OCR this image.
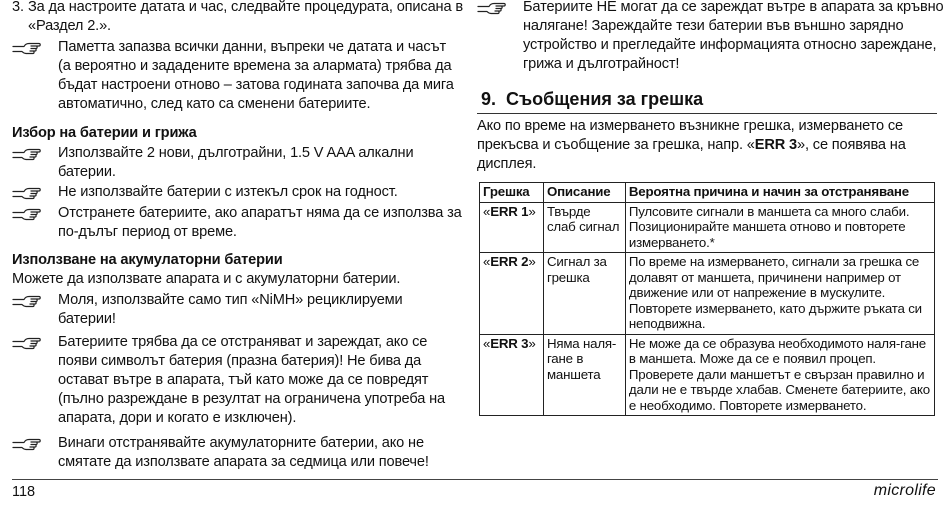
3. За да настроите датата и час, следвайте процедурата, описана в «Раздел 2.».
Паметта запазва всички данни, въпреки че датата и часът (а вероятно и зададените времена за алармата) трябва да бъдат настроени отново – затова годината започва да мига автоматично, след като са сменени батериите.
Избор на батерии и грижа
Използвайте 2 нови, дълготрайни, 1.5 V AAA алкални батерии.
Не използвайте батерии с изтекъл срок на годност.
Отстранете батериите, ако апаратът няма да се използва за по-дълъг период от време.
Използване на акумулаторни батерии
Можете да използвате апарата и с акумулаторни батерии.
Моля, използвайте само тип «NiMH» рециклируеми батерии!
Батериите трябва да се отстраняват и зареждат, ако се появи символът батерия (празна батерия)! Не бива да остават вътре в апарата, тъй като може да се повредят (пълно разреждане в резултат на ограничена употреба на апарата, дори и когато е изключен).
Винаги отстранявайте акумулаторните батерии, ако не смятате да използвате апарата за седмица или повече!
Батериите НЕ могат да се зареждат вътре в апарата за кръвно налягане! Зареждайте тези батерии във външно зарядно устройство и прегледайте информацията относно зареждане, грижа и дълготрайност!
9.  Съобщения за грешка
Ако по време на измерването възникне грешка, измерването се прекъсва и съобщение за грешка, напр. «ERR 3», се появява на дисплея.
Грешка	Описание	Вероятна причина и начин за отстраняване
«ERR 1»	Твърде слаб сигнал	Пулсовите сигнали в маншета са много слаби. Позиционирайте маншета отново и повторете измерването.*
«ERR 2»	Сигнал за грешка	По време на измерването, сигнали за грешка се долавят от маншета, причинени например от движение или от напрежение в мускулите. Повторете измерването, като държите ръката си неподвижна.
«ERR 3»	Няма наля-гане в маншета	Не може да се образува необходимото наля-гане в маншета. Може да се е появил процеп. Проверете дали маншетът е свързан правилно и дали не е твърде хлабав. Сменете батериите, ако е необходимо. Повторете измерването.
118	microlife
